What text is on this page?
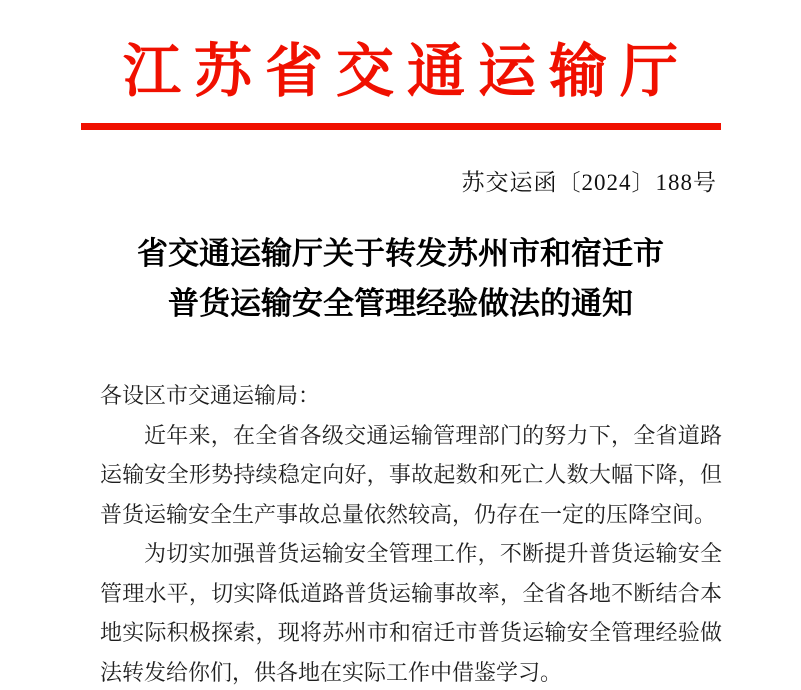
江苏省交通运输厅
苏交运函〔2024〕188号
省交通运输厅关于转发苏州市和宿迁市
普货运输安全管理经验做法的通知
各设区市交通运输局：
近年来，在全省各级交通运输管理部门的努力下，全省道路
运输安全形势持续稳定向好，事故起数和死亡人数大幅下降，但
普货运输安全生产事故总量依然较高，仍存在一定的压降空间。
为切实加强普货运输安全管理工作，不断提升普货运输安全
管理水平，切实降低道路普货运输事故率，全省各地不断结合本
地实际积极探索，现将苏州市和宿迁市普货运输安全管理经验做
法转发给你们，供各地在实际工作中借鉴学习。
